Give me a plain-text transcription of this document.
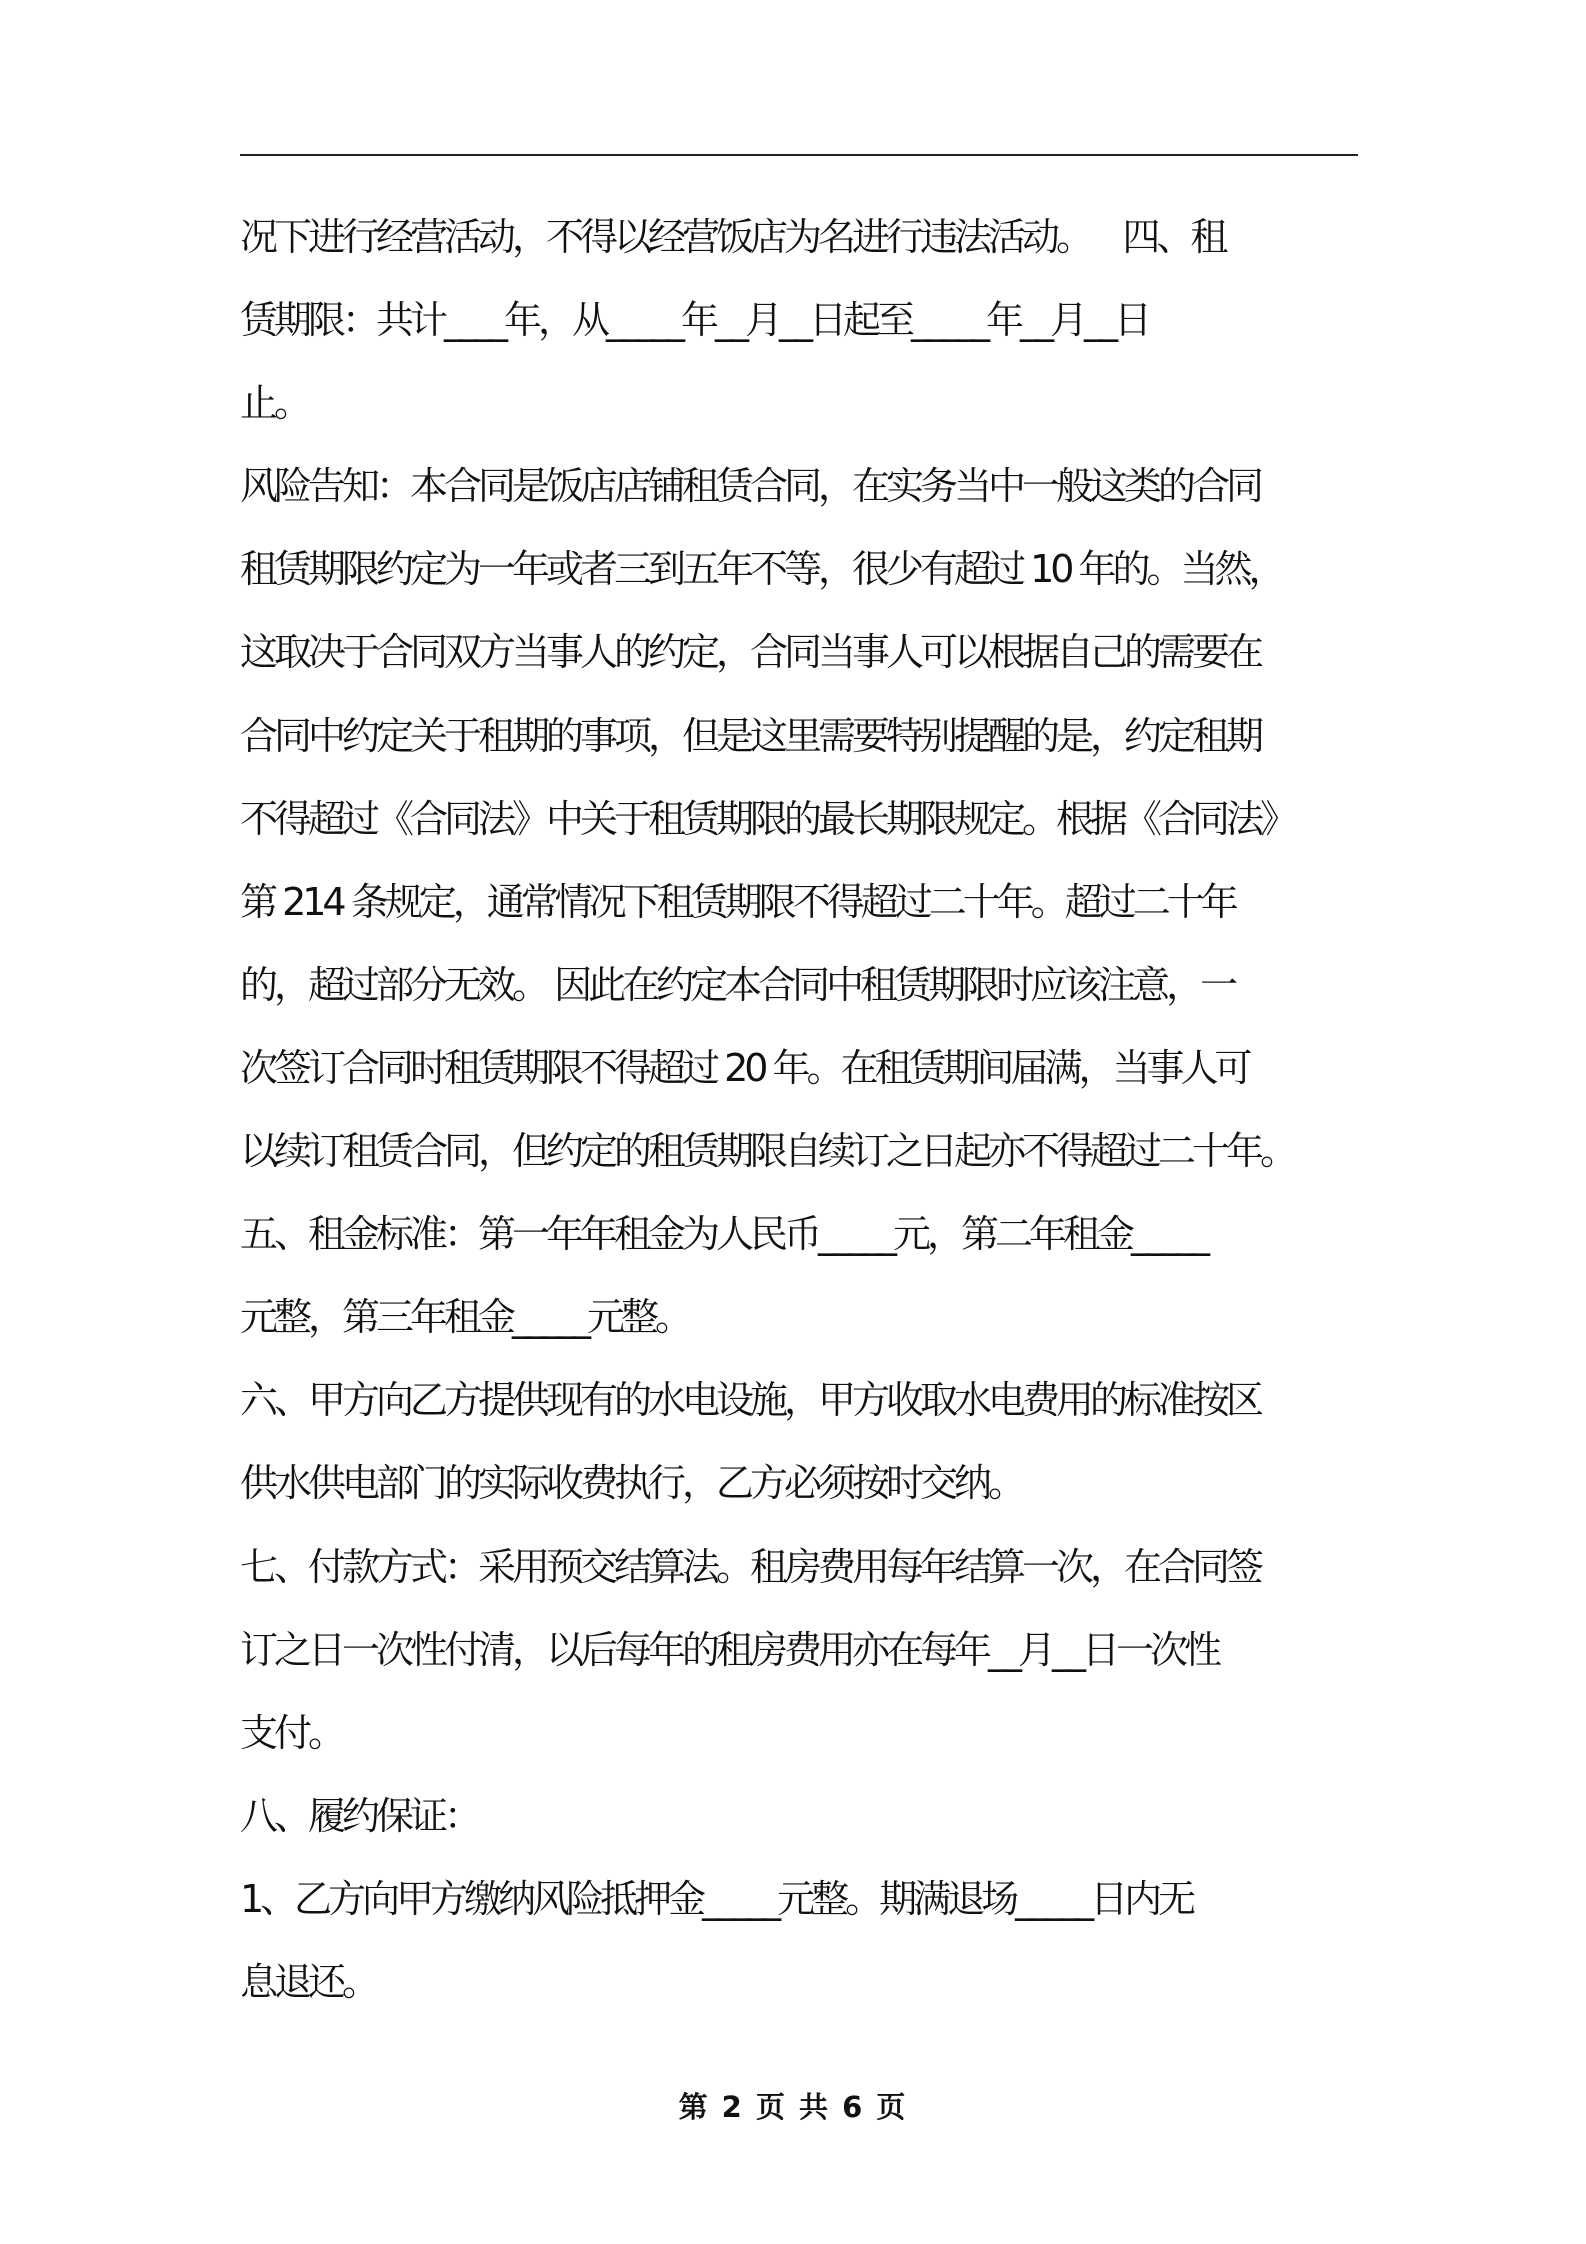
况下进行经营活动，不得以经营饭店为名进行违法活动。    四、租
赁期限：共计____年，从_____年__月__日起至_____年__月__日
止。
风险告知：本合同是饭店店铺租赁合同，在实务当中一般这类的合同
租赁期限约定为一年或者三到五年不等，很少有超过 10 年的。当然，
这取决于合同双方当事人的约定，合同当事人可以根据自己的需要在
合同中约定关于租期的事项，但是这里需要特别提醒的是，约定租期
不得超过《合同法》中关于租赁期限的最长期限规定。根据《合同法》
第 214 条规定，通常情况下租赁期限不得超过二十年。超过二十年
的，超过部分无效。 因此在约定本合同中租赁期限时应该注意，一
次签订合同时租赁期限不得超过 20 年。在租赁期间届满，当事人可
以续订租赁合同，但约定的租赁期限自续订之日起亦不得超过二十年。
五、租金标准：第一年年租金为人民币_____元，第二年租金_____
元整，第三年租金_____元整。
六、甲方向乙方提供现有的水电设施，甲方收取水电费用的标准按区
供水供电部门的实际收费执行，乙方必须按时交纳。
七、付款方式：采用预交结算法。租房费用每年结算一次，在合同签
订之日一次性付清，以后每年的租房费用亦在每年__月__日一次性
支付。
八、履约保证：
1、乙方向甲方缴纳风险抵押金_____元整。期满退场_____日内无
息退还。
第 2 页 共 6 页
